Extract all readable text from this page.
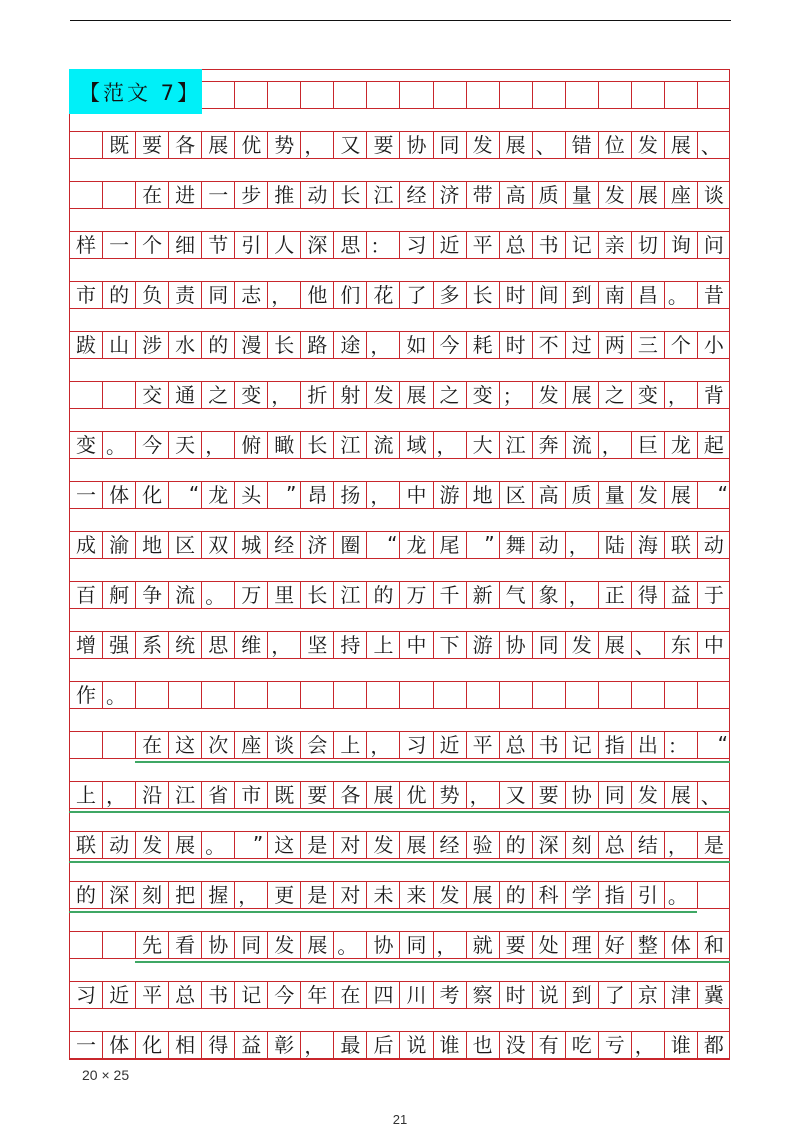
【范文 7】
既 要 各 展 优 势 ， 又 要 协 同 发 展 、 错 位 发 展 、
在 进 一 步 推 动 长 江 经 济 带 高 质 量 发 展 座 谈
样 一 个 细 节 引 人 深 思 ： 习 近 平 总 书 记 亲 切 询 问
市 的 负 责 同 志 ， 他 们 花 了 多 长 时 间 到 南 昌 。 昔
跋 山 涉 水 的 漫 长 路 途 ， 如 今 耗 时 不 过 两 三 个 小
交 通 之 变 ， 折 射 发 展 之 变 ； 发 展 之 变 ， 背
变 。 今 天 ， 俯 瞰 长 江 流 域 ， 大 江 奔 流 ， 巨 龙 起
一 体 化	“ 龙 头	” 昂 扬 ， 中 游 地 区 高 质 量 发 展	“
成 渝 地 区 双 城 经 济 圈	“ 龙 尾	” 舞 动 ， 陆 海 联 动
百 舸 争 流 。 万 里 长 江 的 万 千 新 气 象 ， 正 得 益 于
增 强 系 统 思 维 ， 坚 持 上 中 下 游 协 同 发 展 、 东 中
作 。
在 这 次 座 谈 会 上 ， 习 近 平 总 书 记 指 出 ：	“
上 ， 沿 江 省 市 既 要 各 展 优 势 ， 又 要 协 同 发 展 、
联 动 发 展 。	” 这 是 对 发 展 经 验 的 深 刻 总 结 ， 是
的 深 刻 把 握 ， 更 是 对 未 来 发 展 的 科 学 指 引 。
先 看 协 同 发 展 。 协 同 ， 就 要 处 理 好 整 体 和
习 近 平 总 书 记 今 年 在 四 川 考 察 时 说 到 了 京 津 冀
一 体 化 相 得 益 彰 ， 最 后 说 谁 也 没 有 吃 亏 ， 谁 都
20 × 25
21
